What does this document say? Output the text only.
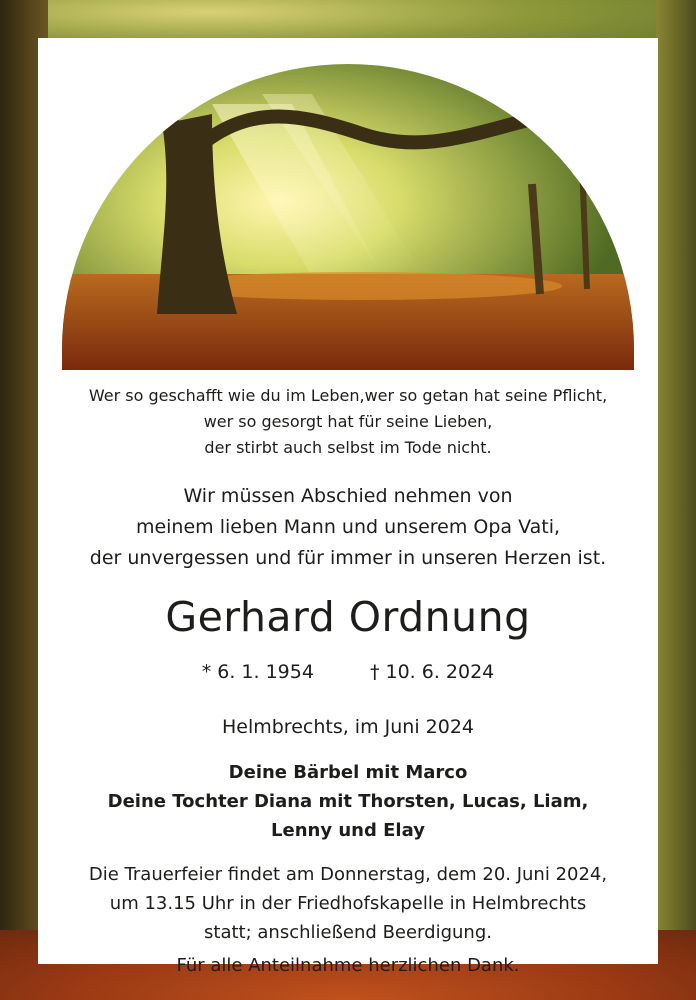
Wer so geschafft wie du im Leben,wer so getan hat seine Pflicht,
wer so gesorgt hat für seine Lieben,
der stirbt auch selbst im Tode nicht.
Wir müssen Abschied nehmen von
meinem lieben Mann und unserem Opa Vati,
der unvergessen und für immer in unseren Herzen ist.
Gerhard Ordnung
* 6. 1. 1954	† 10. 6. 2024
Helmbrechts, im Juni 2024
Deine Bärbel mit Marco
Deine Tochter Diana mit Thorsten, Lucas, Liam,
Lenny und Elay
Die Trauerfeier findet am Donnerstag, dem 20. Juni 2024,
um 13.15 Uhr in der Friedhofskapelle in Helmbrechts
statt; anschließend Beerdigung.
Für alle Anteilnahme herzlichen Dank.
